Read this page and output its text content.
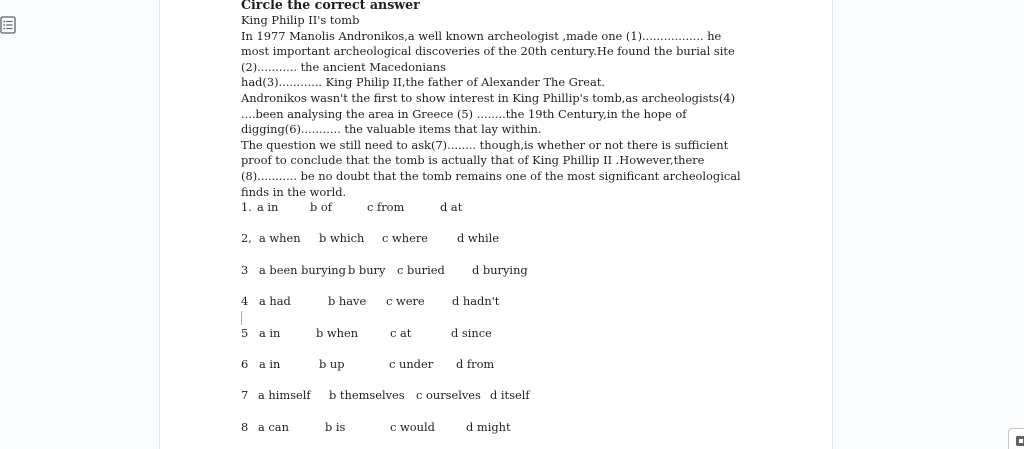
Circle the correct answer

King Philip II's tomb

In 1977 Manolis Andronikos,a well known archeologist ,made one (1)................. he most important archeological discoveries of the 20th century.He found the burial site (2)........... the ancient Macedonians

had(3)............ King Philip II,the father of Alexander The Great.

Andronikos wasn't the first to show interest in King Phillip's tomb,as archeologists(4) ....been analysing the area in Greece (5) ........the 19th Century,in the hope of digging(6)........... the valuable items that lay within.

The question we still need to ask(7)........ though,is whether or not there is sufficient proof to conclude that the tomb is actually that of King Phillip II .However,there (8)........... be no doubt that the tomb remains one of the most significant archeological finds in the world.

1. a in	b of	c from	d at
2, a when b which c where	d while
3 a been burying b bury c buried d burying
4 a had	b have c were d hadn't
5 a in	b when	c at	d since
6 a in	b up	c under d from
7 a himself b themselves c ourselves d itself
8 a can	b is	c would	d might
